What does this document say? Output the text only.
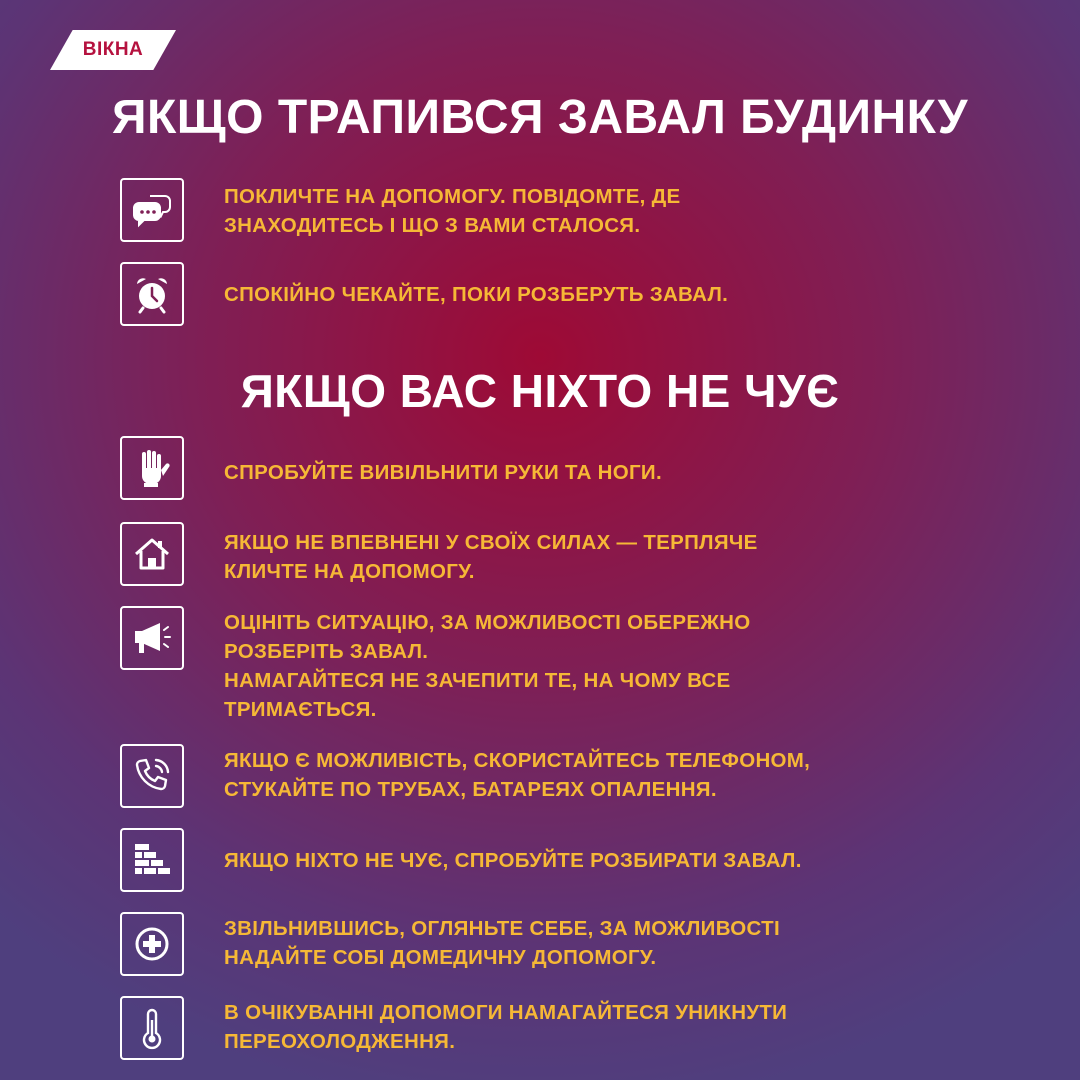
ВІКНА
ЯКЩО ТРАПИВСЯ ЗАВАЛ БУДИНКУ
ПОКЛИЧТЕ НА ДОПОМОГУ. ПОВІДОМТЕ, ДЕ
ЗНАХОДИТЕСЬ І ЩО З ВАМИ СТАЛОСЯ.
СПОКІЙНО ЧЕКАЙТЕ, ПОКИ РОЗБЕРУТЬ ЗАВАЛ.
ЯКЩО ВАС НІХТО НЕ ЧУЄ
СПРОБУЙТЕ ВИВІЛЬНИТИ РУКИ ТА НОГИ.
ЯКЩО НЕ ВПЕВНЕНІ У СВОЇХ СИЛАХ — ТЕРПЛЯЧЕ
КЛИЧТЕ НА ДОПОМОГУ.
ОЦІНІТЬ СИТУАЦІЮ, ЗА МОЖЛИВОСТІ ОБЕРЕЖНО
РОЗБЕРІТЬ ЗАВАЛ.
НАМАГАЙТЕСЯ НЕ ЗАЧЕПИТИ ТЕ, НА ЧОМУ ВСЕ
ТРИМАЄТЬСЯ.
ЯКЩО Є МОЖЛИВІСТЬ, СКОРИСТАЙТЕСЬ ТЕЛЕФОНОМ,
СТУКАЙТЕ ПО ТРУБАХ, БАТАРЕЯХ ОПАЛЕННЯ.
ЯКЩО НІХТО НЕ ЧУЄ, СПРОБУЙТЕ РОЗБИРАТИ ЗАВАЛ.
ЗВІЛЬНИВШИСЬ, ОГЛЯНЬТЕ СЕБЕ, ЗА МОЖЛИВОСТІ
НАДАЙТЕ СОБІ ДОМЕДИЧНУ ДОПОМОГУ.
В ОЧІКУВАННІ ДОПОМОГИ НАМАГАЙТЕСЯ УНИКНУТИ
ПЕРЕОХОЛОДЖЕННЯ.
